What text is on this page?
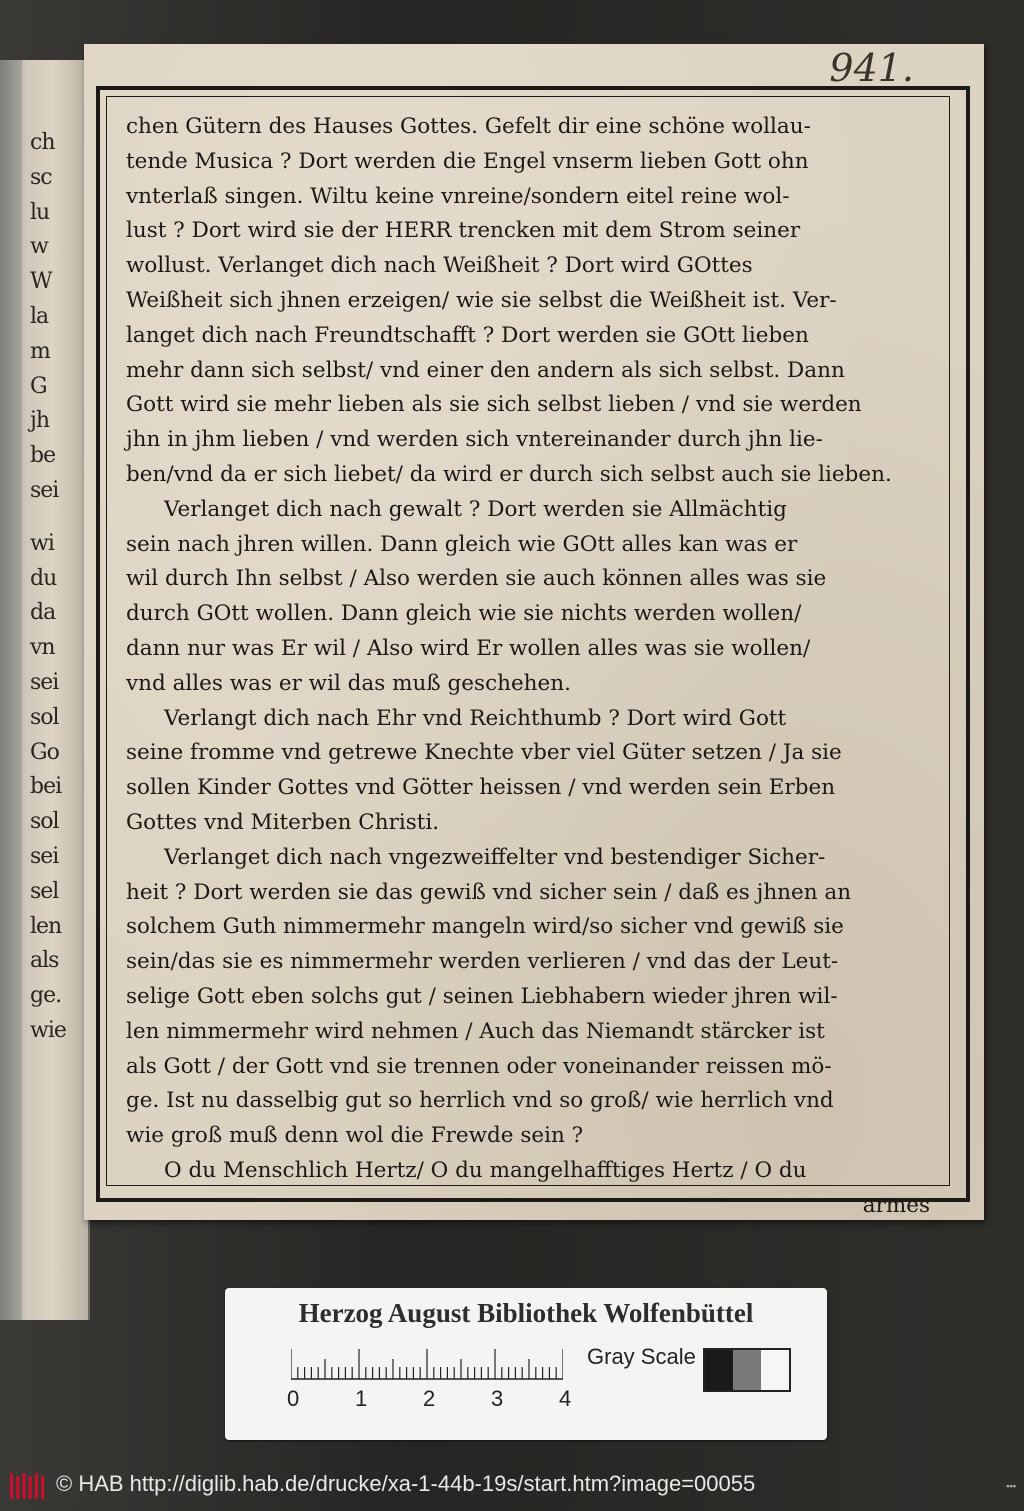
ch
sc
lu
w
W
la
m
G
jh
be
sei
wi
du
da
vn
sei
sol
Go
bei
sol
sei
sel
len
als
ge.
wie
941.
chen Gütern des Hauses Gottes. Gefelt dir eine schöne wollau-
tende Musica ? Dort werden die Engel vnserm lieben Gott ohn
vnterlaß singen. Wiltu keine vnreine/sondern eitel reine wol-
lust ? Dort wird sie der HERR trencken mit dem Strom seiner
wollust. Verlanget dich nach Weißheit ? Dort wird GOttes
Weißheit sich jhnen erzeigen/ wie sie selbst die Weißheit ist. Ver-
langet dich nach Freundtschafft ? Dort werden sie GOtt lieben
mehr dann sich selbst/ vnd einer den andern als sich selbst. Dann
Gott wird sie mehr lieben als sie sich selbst lieben / vnd sie werden
jhn in jhm lieben / vnd werden sich vntereinander durch jhn lie-
ben/vnd da er sich liebet/ da wird er durch sich selbst auch sie lieben.
Verlanget dich nach gewalt ? Dort werden sie Allmächtig
sein nach jhren willen. Dann gleich wie GOtt alles kan was er
wil durch Ihn selbst / Also werden sie auch können alles was sie
durch GOtt wollen. Dann gleich wie sie nichts werden wollen/
dann nur was Er wil / Also wird Er wollen alles was sie wollen/
vnd alles was er wil das muß geschehen.
Verlangt dich nach Ehr vnd Reichthumb ? Dort wird Gott
seine fromme vnd getrewe Knechte vber viel Güter setzen / Ja sie
sollen Kinder Gottes vnd Götter heissen / vnd werden sein Erben
Gottes vnd Miterben Christi.
Verlanget dich nach vngezweiffelter vnd bestendiger Sicher-
heit ? Dort werden sie das gewiß vnd sicher sein / daß es jhnen an
solchem Guth nimmermehr mangeln wird/so sicher vnd gewiß sie
sein/das sie es nimmermehr werden verlieren / vnd das der Leut-
selige Gott eben solchs gut / seinen Liebhabern wieder jhren wil-
len nimmermehr wird nehmen / Auch das Niemandt stärcker ist
als Gott / der Gott vnd sie trennen oder voneinander reissen mö-
ge. Ist nu dasselbig gut so herrlich vnd so groß/ wie herrlich vnd
wie groß muß denn wol die Frewde sein ?
O du Menschlich Hertz/ O du mangelhafftiges Hertz / O du
armes
Herzog August Bibliothek Wolfenbüttel
0	1	2	3	4
Gray Scale
© HAB http://diglib.hab.de/drucke/xa-1-44b-19s/start.htm?image=00055	▪▪▪
